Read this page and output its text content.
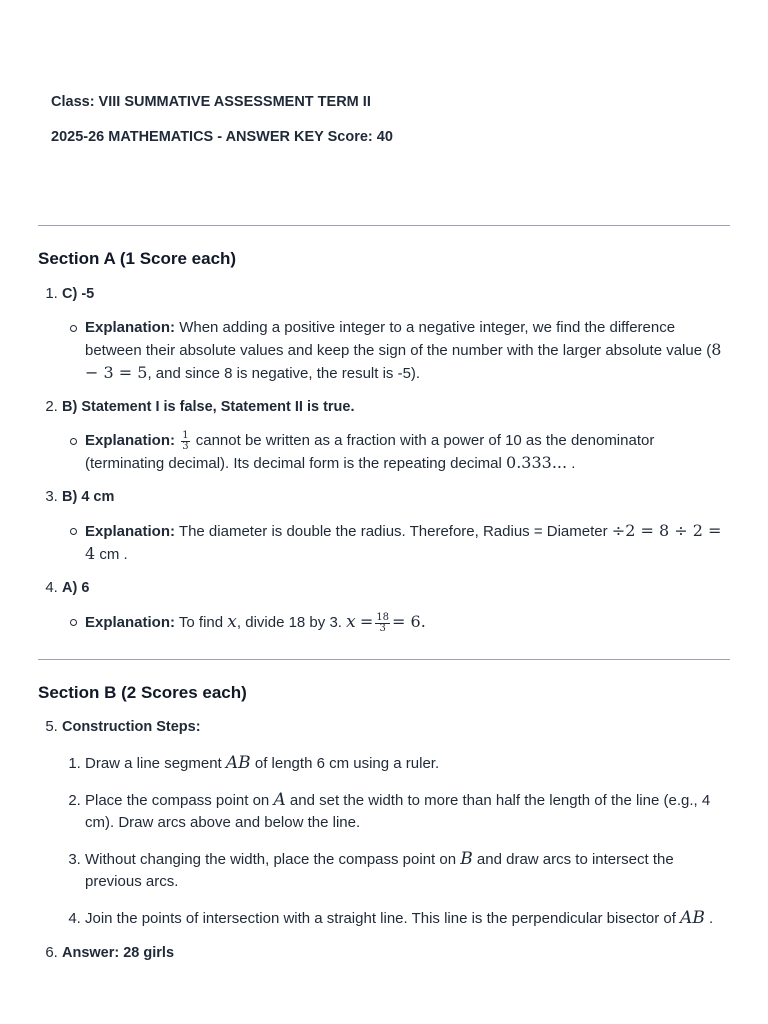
Class: VIII SUMMATIVE ASSESSMENT TERM II
2025-26 MATHEMATICS - ANSWER KEY Score: 40
Section A (1 Score each)
1. C) -5
Explanation: When adding a positive integer to a negative integer, we find the difference between their absolute values and keep the sign of the number with the larger absolute value (8 − 3 = 5, and since 8 is negative, the result is -5).
2. B) Statement I is false, Statement II is true.
Explanation: $\frac{1}{3}$ cannot be written as a fraction with a power of 10 as the denominator (terminating decimal). Its decimal form is the repeating decimal 0.333... .
3. B) 4 cm
Explanation: The diameter is double the radius. Therefore, Radius = Diameter ÷2 = 8 ÷ 2 = 4 cm .
4. A) 6
Explanation: To find x, divide 18 by 3. $x = \frac{18}{3} = 6$.
Section B (2 Scores each)
5. Construction Steps:
1. Draw a line segment AB of length 6 cm using a ruler.
2. Place the compass point on A and set the width to more than half the length of the line (e.g., 4 cm). Draw arcs above and below the line.
3. Without changing the width, place the compass point on B and draw arcs to intersect the previous arcs.
4. Join the points of intersection with a straight line. This line is the perpendicular bisector of AB .
6. Answer: 28 girls
